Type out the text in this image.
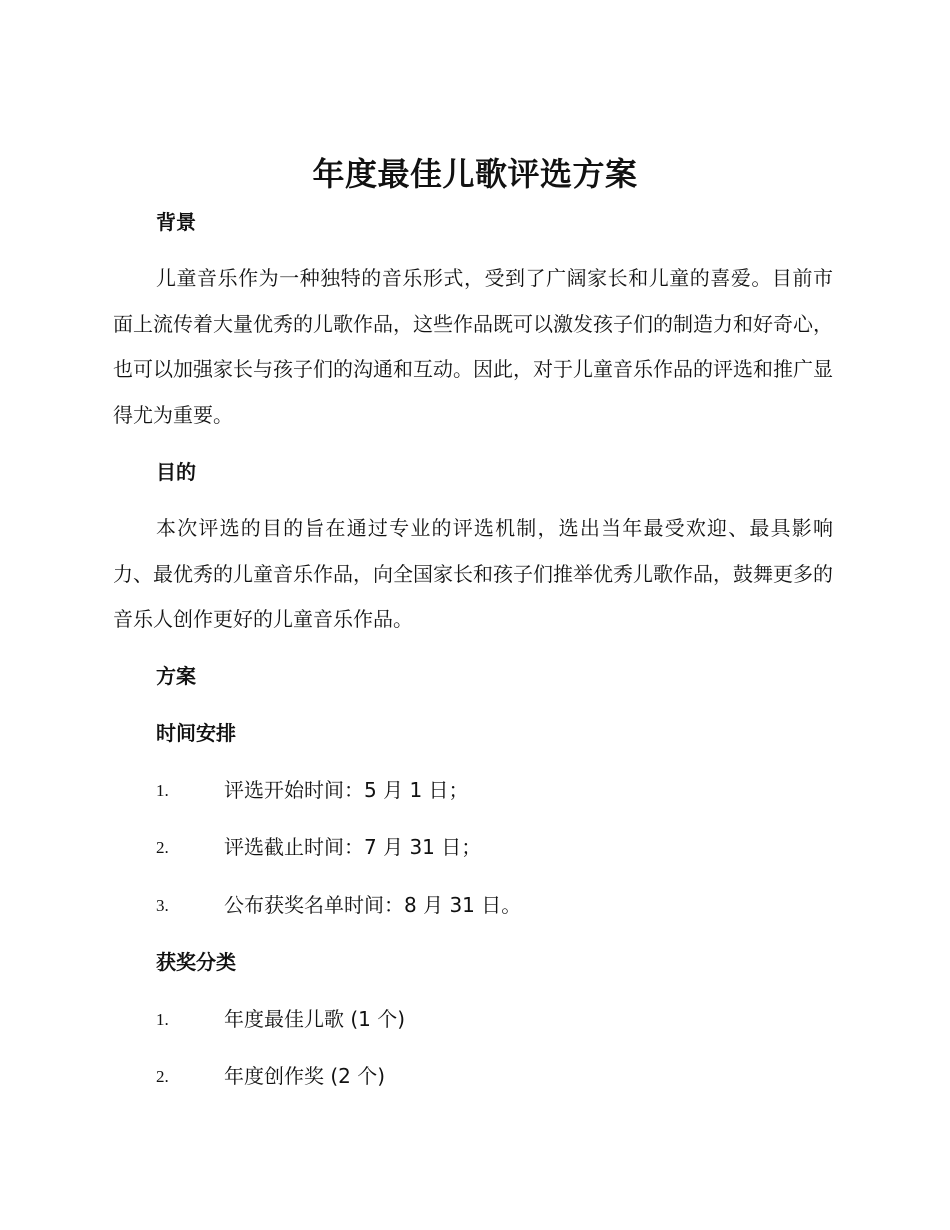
年度最佳儿歌评选方案
背景

儿童音乐作为一种独特的音乐形式，受到了广阔家长和儿童的喜爱。目前市面上流传着大量优秀的儿歌作品，这些作品既可以激发孩子们的制造力和好奇心，也可以加强家长与孩子们的沟通和互动。因此，对于儿童音乐作品的评选和推广显得尤为重要。

目的

本次评选的目的旨在通过专业的评选机制，选出当年最受欢迎、最具影响力、最优秀的儿童音乐作品，向全国家长和孩子们推举优秀儿歌作品，鼓舞更多的音乐人创作更好的儿童音乐作品。

方案
时间安排
1.	评选开始时间：5 月 1 日；
2.	评选截止时间：7 月 31 日；
3.	公布获奖名单时间：8 月 31 日。
获奖分类
1.	年度最佳儿歌 (1 个)
2.	年度创作奖 (2 个)
